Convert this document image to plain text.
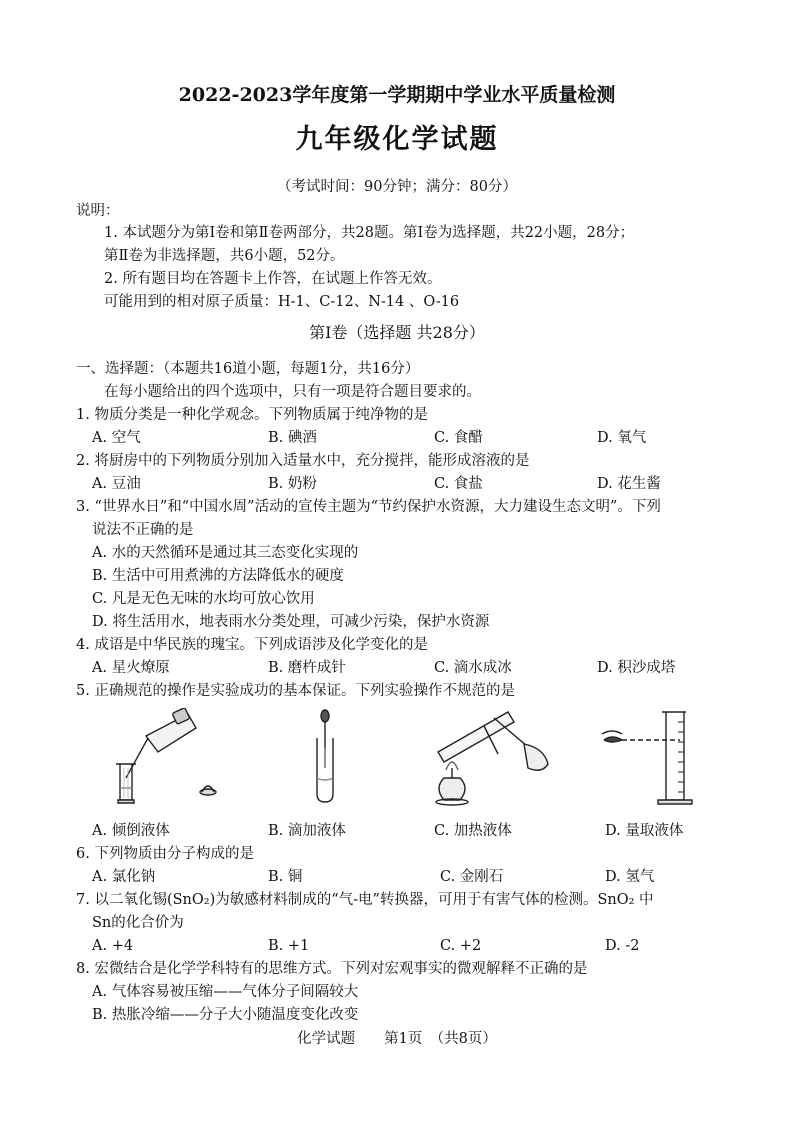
2022-2023学年度第一学期期中学业水平质量检测
九年级化学试题
（考试时间：90分钟；满分：80分）
说明：
1. 本试题分为第Ⅰ卷和第Ⅱ卷两部分，共28题。第Ⅰ卷为选择题，共22小题，28分；
第Ⅱ卷为非选择题，共6小题，52分。
2. 所有题目均在答题卡上作答，在试题上作答无效。
可能用到的相对原子质量：H-1、C-12、N-14 、O-16
第Ⅰ卷（选择题 共28分）
一、选择题：（本题共16道小题，每题1分，共16分）
在每小题给出的四个选项中，只有一项是符合题目要求的。
1. 物质分类是一种化学观念。下列物质属于纯净物的是
A. 空气	B. 碘酒	C. 食醋	D. 氧气
2. 将厨房中的下列物质分别加入适量水中，充分搅拌，能形成溶液的是
A. 豆油	B. 奶粉	C. 食盐	D. 花生酱
3. “世界水日”和“中国水周”活动的宣传主题为“节约保护水资源，大力建设生态文明”。下列
说法不正确的是
A. 水的天然循环是通过其三态变化实现的
B. 生活中可用煮沸的方法降低水的硬度
C. 凡是无色无味的水均可放心饮用
D. 将生活用水，地表雨水分类处理，可减少污染，保护水资源
4. 成语是中华民族的瑰宝。下列成语涉及化学变化的是
A. 星火燎原	B. 磨杵成针	C. 滴水成冰	D. 积沙成塔
5. 正确规范的操作是实验成功的基本保证。下列实验操作不规范的是
A. 倾倒液体	B. 滴加液体	C. 加热液体	D. 量取液体
6. 下列物质由分子构成的是
A. 氯化钠	B. 铜	C. 金刚石	D. 氢气
7. 以二氧化锡(SnO₂)为敏感材料制成的“气-电”转换器，可用于有害气体的检测。SnO₂ 中
Sn的化合价为
A. +4	B. +1	C. +2	D. -2
8. 宏微结合是化学学科特有的思维方式。下列对宏观事实的微观解释不正确的是
A. 气体容易被压缩——气体分子间隔较大
B. 热胀冷缩——分子大小随温度变化改变
化学试题　　第1页　（共8页）
